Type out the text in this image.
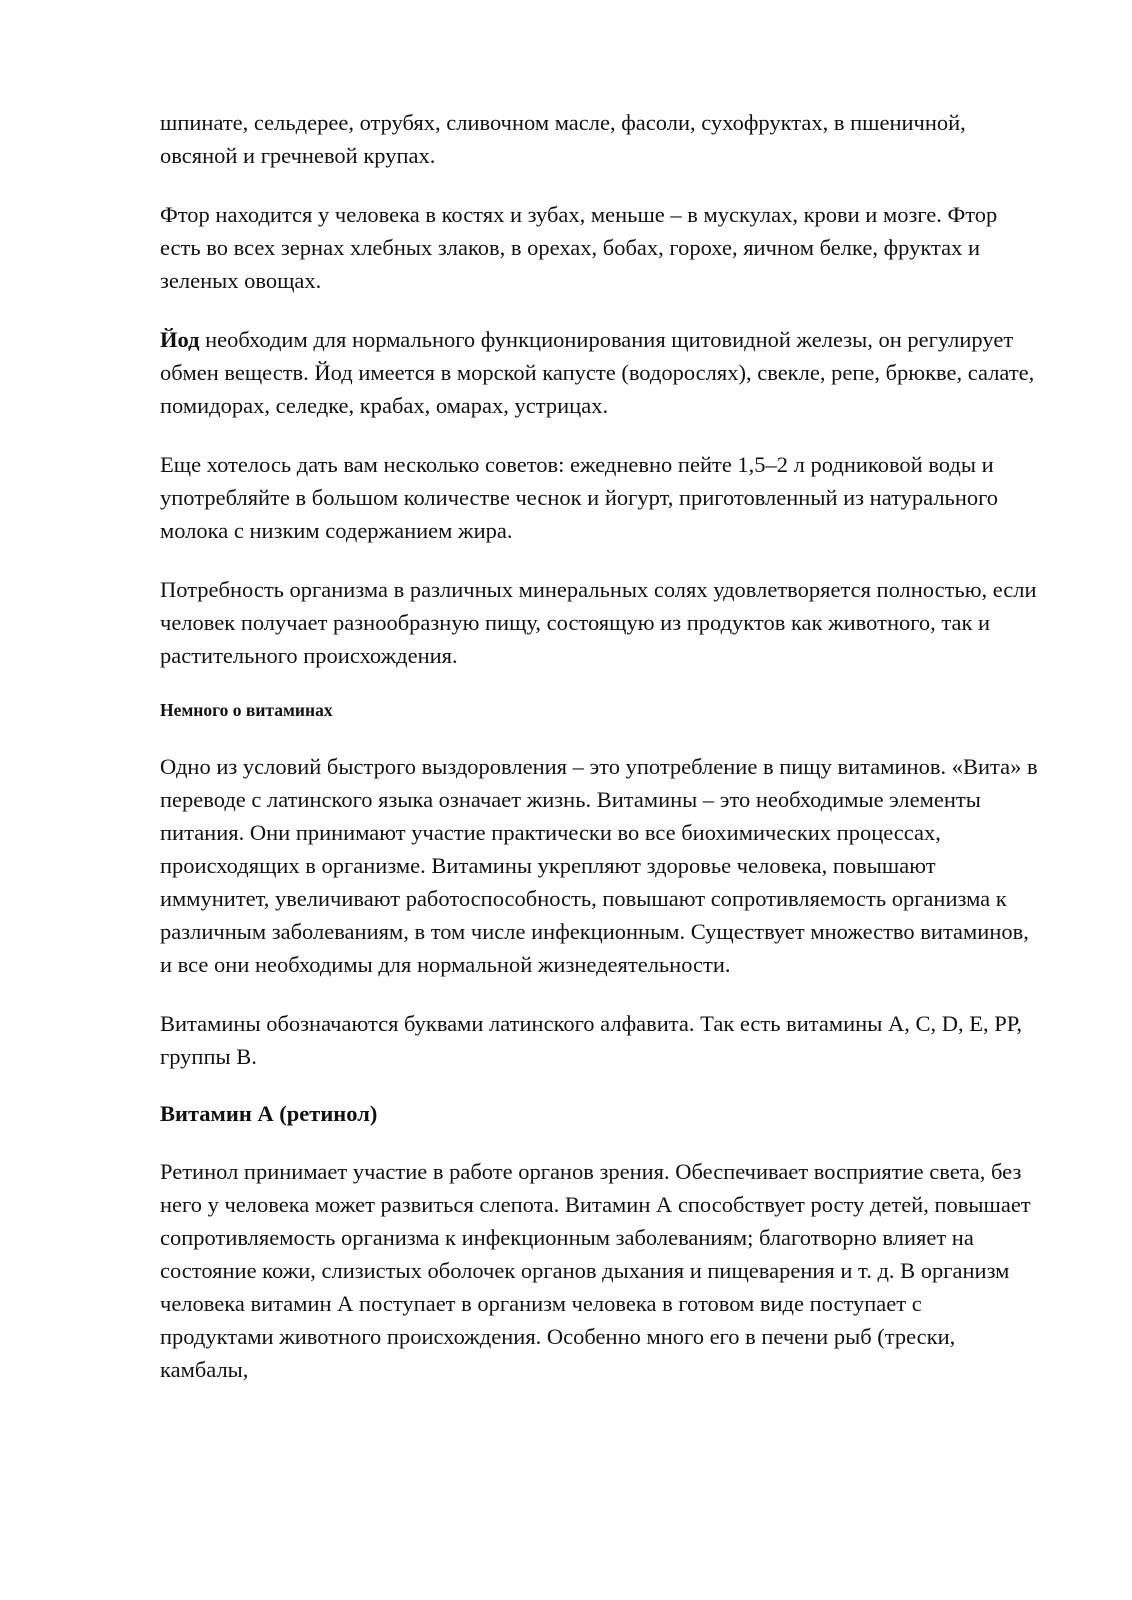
шпинате, сельдерее, отрубях, сливочном масле, фасоли, сухофруктах, в пшеничной, овсяной и гречневой крупах.

Фтор находится у человека в костях и зубах, меньше – в мускулах, крови и мозге. Фтор есть во всех зернах хлебных злаков, в орехах, бобах, горохе, яичном белке, фруктах и зеленых овощах.

Йод необходим для нормального функционирования щитовидной железы, он регулирует обмен веществ. Йод имеется в морской капусте (водорослях), свекле, репе, брюкве, салате, помидорах, селедке, крабах, омарах, устрицах.

Еще хотелось дать вам несколько советов: ежедневно пейте 1,5–2 л родниковой воды и употребляйте в большом количестве чеснок и йогурт, приготовленный из натурального молока с низким содержанием жира.

Потребность организма в различных минеральных солях удовлетворяется полностью, если человек получает разнообразную пищу, состоящую из продуктов как животного, так и растительного происхождения.

Немного о витаминах

Одно из условий быстрого выздоровления – это употребление в пищу витаминов. «Вита» в переводе с латинского языка означает жизнь. Витамины – это необходимые элементы питания. Они принимают участие практически во все биохимических процессах, происходящих в организме. Витамины укрепляют здоровье человека, повышают иммунитет, увеличивают работоспособность, повышают сопротивляемость организма к различным заболеваниям, в том числе инфекционным. Существует множество витаминов, и все они необходимы для нормальной жизнедеятельности.

Витамины обозначаются буквами латинского алфавита. Так есть витамины А, С, D, Е, РР, группы В.

Витамин А (ретинол)

Ретинол принимает участие в работе органов зрения. Обеспечивает восприятие света, без него у человека может развиться слепота. Витамин А способствует росту детей, повышает сопротивляемость организма к инфекционным заболеваниям; благотворно влияет на состояние кожи, слизистых оболочек органов дыхания и пищеварения и т. д. В организм человека витамин А поступает в организм человека в готовом виде поступает с продуктами животного происхождения. Особенно много его в печени рыб (трески, камбалы,
